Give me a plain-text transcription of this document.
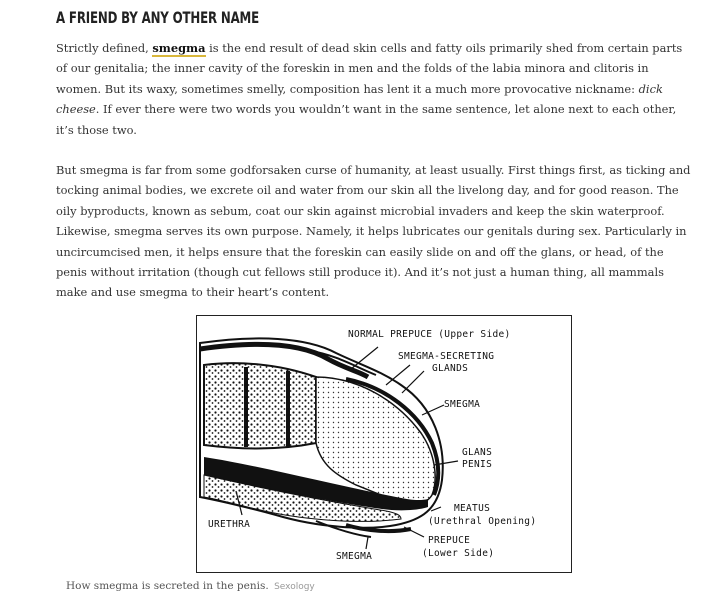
A FRIEND BY ANY OTHER NAME

Strictly defined, smegma is the end result of dead skin cells and fatty oils primarily shed from certain parts of our genitalia; the inner cavity of the foreskin in men and the folds of the labia minora and clitoris in women. But its waxy, sometimes smelly, composition has lent it a much more provocative nickname: dick cheese. If ever there were two words you wouldn’t want in the same sentence, let alone next to each other, it’s those two.

But smegma is far from some godforsaken curse of humanity, at least usually. First things first, as ticking and tocking animal bodies, we excrete oil and water from our skin all the livelong day, and for good reason. The oily byproducts, known as sebum, coat our skin against microbial invaders and keep the skin waterproof. Likewise, smegma serves its own purpose. Namely, it helps lubricates our genitals during sex. Particularly in uncircumcised men, it helps ensure that the foreskin can easily slide on and off the glans, or head, of the penis without irritation (though cut fellows still produce it). And it’s not just a human thing, all mammals make and use smegma to their heart’s content.

NORMAL PREPUCE (Upper Side)
SMEGMA-SECRETING
GLANDS
SMEGMA
GLANS
PENIS
MEATUS
(Urethral Opening)
PREPUCE
(Lower Side)
URETHRA
SMEGMA
How smegma is secreted in the penis. Sexology
